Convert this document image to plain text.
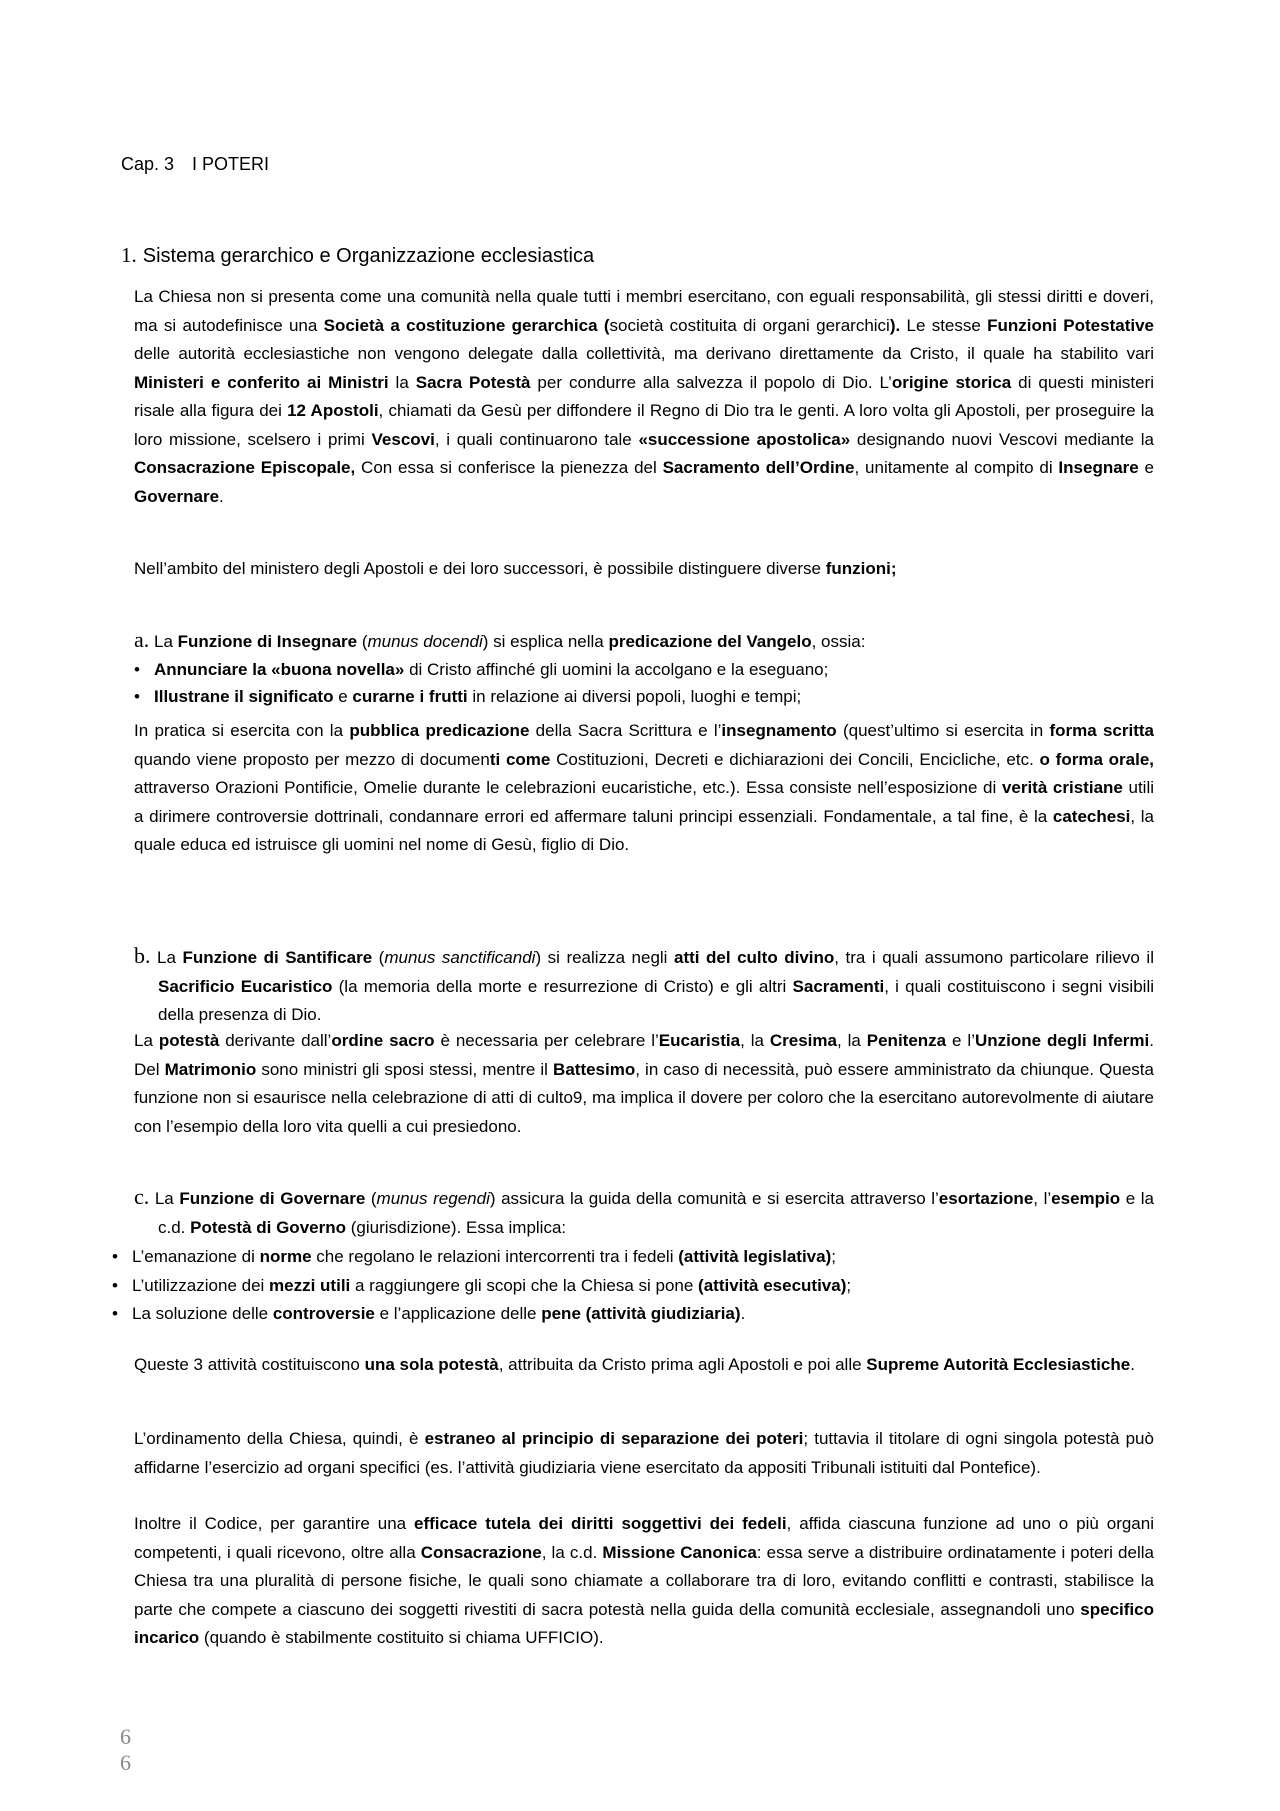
Cap. 3 I POTERI
1. Sistema gerarchico e Organizzazione ecclesiastica

La Chiesa non si presenta come una comunità nella quale tutti i membri esercitano, con eguali responsabilità, gli stessi diritti e doveri, ma si autodefinisce una Società a costituzione gerarchica (società costituita di organi gerarchici). Le stesse Funzioni Potestative delle autorità ecclesiastiche non vengono delegate dalla collettività, ma derivano direttamente da Cristo, il quale ha stabilito vari Ministeri e conferito ai Ministri la Sacra Potestà per condurre alla salvezza il popolo di Dio. L’origine storica di questi ministeri risale alla figura dei 12 Apostoli, chiamati da Gesù per diffondere il Regno di Dio tra le genti. A loro volta gli Apostoli, per proseguire la loro missione, scelsero i primi Vescovi, i quali continuarono tale «successione apostolica» designando nuovi Vescovi mediante la Consacrazione Episcopale, Con essa si conferisce la pienezza del Sacramento dell’Ordine, unitamente al compito di Insegnare e Governare.

Nell’ambito del ministero degli Apostoli e dei loro successori, è possibile distinguere diverse funzioni;

a. La Funzione di Insegnare (munus docendi) si esplica nella predicazione del Vangelo, ossia:

• Annunciare la «buona novella» di Cristo affinché gli uomini la accolgano e la eseguano;
• Illustrane il significato e curarne i frutti in relazione ai diversi popoli, luoghi e tempi;

In pratica si esercita con la pubblica predicazione della Sacra Scrittura e l’insegnamento (quest’ultimo si esercita in forma scritta quando viene proposto per mezzo di documenti come Costituzioni, Decreti e dichiarazioni dei Concili, Encicliche, etc. o forma orale, attraverso Orazioni Pontificie, Omelie durante le celebrazioni eucaristiche, etc.). Essa consiste nell’esposizione di verità cristiane utili a dirimere controversie dottrinali, condannare errori ed affermare taluni principi essenziali. Fondamentale, a tal fine, è la catechesi, la quale educa ed istruisce gli uomini nel nome di Gesù, figlio di Dio.

b. La Funzione di Santificare (munus sanctificandi) si realizza negli atti del culto divino, tra i quali assumono particolare rilievo il Sacrificio Eucaristico (la memoria della morte e resurrezione di Cristo) e gli altri Sacramenti, i quali costituiscono i segni visibili della presenza di Dio.

La potestà derivante dall’ordine sacro è necessaria per celebrare l’Eucaristia, la Cresima, la Penitenza e l’Unzione degli Infermi. Del Matrimonio sono ministri gli sposi stessi, mentre il Battesimo, in caso di necessità, può essere amministrato da chiunque. Questa funzione non si esaurisce nella celebrazione di atti di culto9, ma implica il dovere per coloro che la esercitano autorevolmente di aiutare con l’esempio della loro vita quelli a cui presiedono.

c. La Funzione di Governare (munus regendi) assicura la guida della comunità e si esercita attraverso l’esortazione, l’esempio e la c.d. Potestà di Governo (giurisdizione). Essa implica:

• L’emanazione di norme che regolano le relazioni intercorrenti tra i fedeli (attività legislativa);
• L’utilizzazione dei mezzi utili a raggiungere gli scopi che la Chiesa si pone (attività esecutiva);
• La soluzione delle controversie e l’applicazione delle pene (attività giudiziaria).

Queste 3 attività costituiscono una sola potestà, attribuita da Cristo prima agli Apostoli e poi alle Supreme Autorità Ecclesiastiche.

L’ordinamento della Chiesa, quindi, è estraneo al principio di separazione dei poteri; tuttavia il titolare di ogni singola potestà può affidarne l’esercizio ad organi specifici (es. l’attività giudiziaria viene esercitato da appositi Tribunali istituiti dal Pontefice).

Inoltre il Codice, per garantire una efficace tutela dei diritti soggettivi dei fedeli, affida ciascuna funzione ad uno o più organi competenti, i quali ricevono, oltre alla Consacrazione, la c.d. Missione Canonica: essa serve a distribuire ordinatamente i poteri della Chiesa tra una pluralità di persone fisiche, le quali sono chiamate a collaborare tra di loro, evitando conflitti e contrasti, stabilisce la parte che compete a ciascuno dei soggetti rivestiti di sacra potestà nella guida della comunità ecclesiale, assegnandoli uno specifico incarico (quando è stabilmente costituito si chiama UFFICIO).

6
6
